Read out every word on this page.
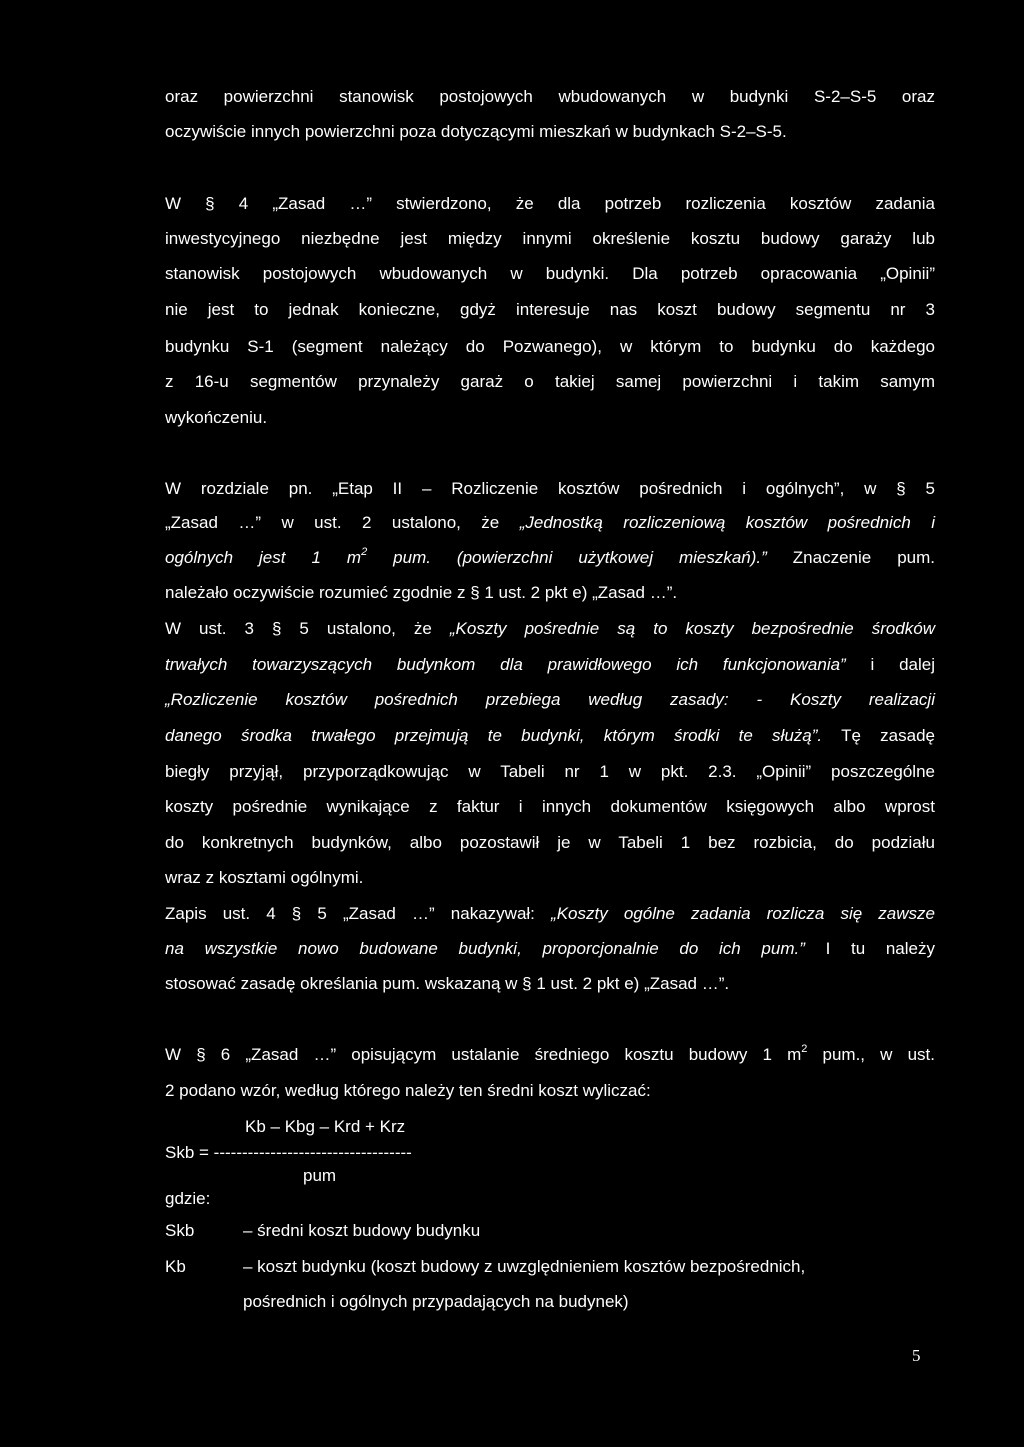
oraz powierzchni stanowisk postojowych wbudowanych w budynki S-2–S-5 oraz
oczywiście innych powierzchni poza dotyczącymi mieszkań w budynkach S-2–S-5.
W § 4 „Zasad …” stwierdzono, że dla potrzeb rozliczenia kosztów zadania
inwestycyjnego niezbędne jest między innymi określenie kosztu budowy garaży lub
stanowisk postojowych wbudowanych w budynki. Dla potrzeb opracowania „Opinii”
nie jest to jednak konieczne, gdyż interesuje nas koszt budowy segmentu nr 3
budynku S-1 (segment należący do Pozwanego), w którym to budynku do każdego
z 16-u segmentów przynależy garaż o takiej samej powierzchni i takim samym
wykończeniu.
W rozdziale pn. „Etap II – Rozliczenie kosztów pośrednich i ogólnych”, w § 5
„Zasad …” w ust. 2 ustalono, że „Jednostką rozliczeniową kosztów pośrednich i
ogólnych jest 1 $m^2$ pum. (powierzchni użytkowej mieszkań).” Znaczenie pum.
należało oczywiście rozumieć zgodnie z § 1 ust. 2 pkt e) „Zasad …”.
W ust. 3 § 5 ustalono, że „Koszty pośrednie są to koszty bezpośrednie środków
trwałych towarzyszących budynkom dla prawidłowego ich funkcjonowania” i dalej
„Rozliczenie kosztów pośrednich przebiega według zasady: - Koszty realizacji
danego środka trwałego przejmują te budynki, którym środki te służą”. Tę zasadę
biegły przyjął, przyporządkowując w Tabeli nr 1 w pkt. 2.3. „Opinii” poszczególne
koszty pośrednie wynikające z faktur i innych dokumentów księgowych albo wprost
do konkretnych budynków, albo pozostawił je w Tabeli 1 bez rozbicia, do podziału
wraz z kosztami ogólnymi.
Zapis ust. 4 § 5 „Zasad …” nakazywał: „Koszty ogólne zadania rozlicza się zawsze
na wszystkie nowo budowane budynki, proporcjonalnie do ich pum.” I tu należy
stosować zasadę określania pum. wskazaną w § 1 ust. 2 pkt e) „Zasad …”.
W § 6 „Zasad …” opisującym ustalanie średniego kosztu budowy 1 $m^2$ pum., w ust.
2 podano wzór, według którego należy ten średni koszt wyliczać:
Kb – Kbg – Krd + Krz
Skb = -----------------------------------
pum
gdzie:
Skb	– średni koszt budowy budynku
Kb	– koszt budynku (koszt budowy z uwzględnieniem kosztów bezpośrednich,
pośrednich i ogólnych przypadających na budynek)
5
